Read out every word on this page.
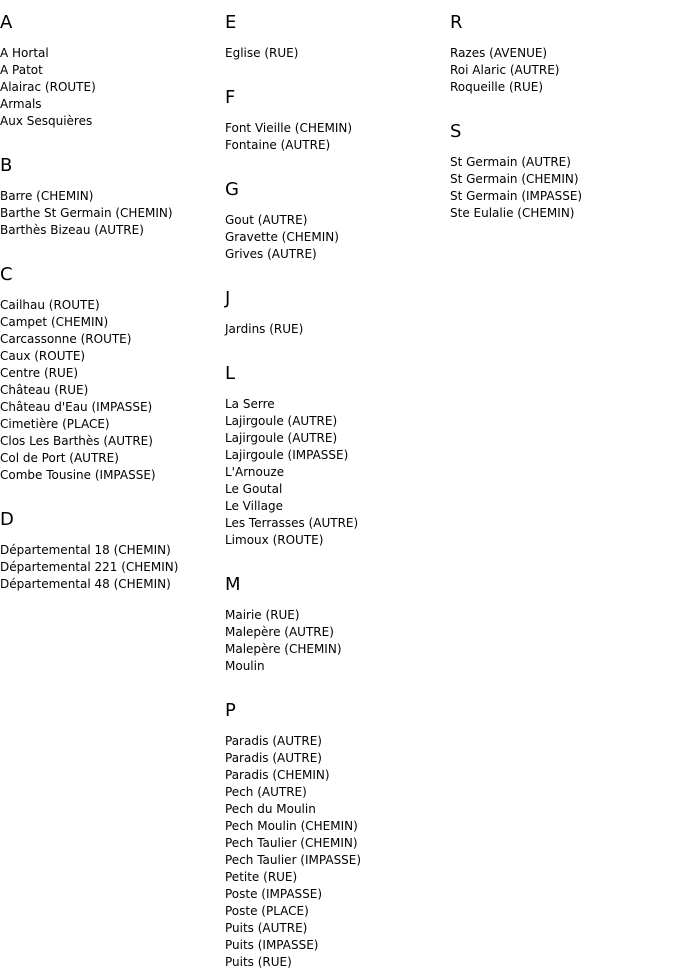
A
A Hortal
A Patot
Alairac (ROUTE)
Armals
Aux Sesquières
B
Barre (CHEMIN)
Barthe St Germain (CHEMIN)
Barthès Bizeau (AUTRE)
C
Cailhau (ROUTE)
Campet (CHEMIN)
Carcassonne (ROUTE)
Caux (ROUTE)
Centre (RUE)
Château (RUE)
Château d'Eau (IMPASSE)
Cimetière (PLACE)
Clos Les Barthès (AUTRE)
Col de Port (AUTRE)
Combe Tousine (IMPASSE)
D
Départemental 18 (CHEMIN)
Départemental 221 (CHEMIN)
Départemental 48 (CHEMIN)
E
Eglise (RUE)
F
Font Vieille (CHEMIN)
Fontaine (AUTRE)
G
Gout (AUTRE)
Gravette (CHEMIN)
Grives (AUTRE)
J
Jardins (RUE)
L
La Serre
Lajirgoule (AUTRE)
Lajirgoule (AUTRE)
Lajirgoule (IMPASSE)
L'Arnouze
Le Goutal
Le Village
Les Terrasses (AUTRE)
Limoux (ROUTE)
M
Mairie (RUE)
Malepère (AUTRE)
Malepère (CHEMIN)
Moulin
P
Paradis (AUTRE)
Paradis (AUTRE)
Paradis (CHEMIN)
Pech (AUTRE)
Pech du Moulin
Pech Moulin (CHEMIN)
Pech Taulier (CHEMIN)
Pech Taulier (IMPASSE)
Petite (RUE)
Poste (IMPASSE)
Poste (PLACE)
Puits (AUTRE)
Puits (IMPASSE)
Puits (RUE)
R
Razes (AVENUE)
Roi Alaric (AUTRE)
Roqueille (RUE)
S
St Germain (AUTRE)
St Germain (CHEMIN)
St Germain (IMPASSE)
Ste Eulalie (CHEMIN)
